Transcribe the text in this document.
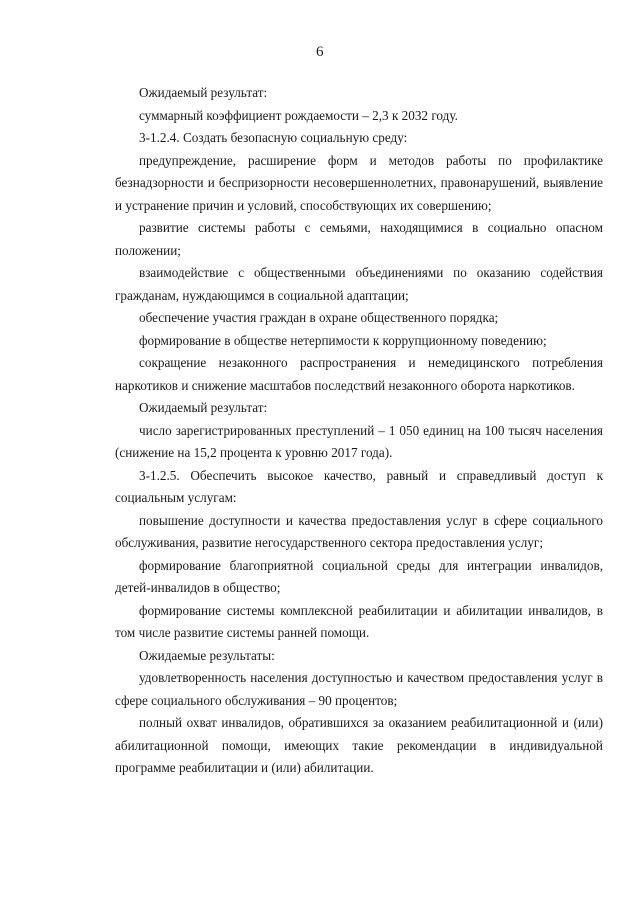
6

Ожидаемый результат:

суммарный коэффициент рождаемости – 2,3 к 2032 году.

3-1.2.4. Создать безопасную социальную среду:

предупреждение, расширение форм и методов работы по профилактике безнадзорности и беспризорности несовершеннолетних, правонарушений, выявление и устранение причин и условий, способствующих их совершению;

развитие системы работы с семьями, находящимися в социально опасном положении;

взаимодействие с общественными объединениями по оказанию содействия гражданам, нуждающимся в социальной адаптации;

обеспечение участия граждан в охране общественного порядка;

формирование в обществе нетерпимости к коррупционному поведению;

сокращение незаконного распространения и немедицинского потребления наркотиков и снижение масштабов последствий незаконного оборота наркотиков.

Ожидаемый результат:

число зарегистрированных преступлений – 1 050 единиц на 100 тысяч населения (снижение на 15,2 процента к уровню 2017 года).

3-1.2.5. Обеспечить высокое качество, равный и справедливый доступ к социальным услугам:

повышение доступности и качества предоставления услуг в сфере социального обслуживания, развитие негосударственного сектора предоставления услуг;

формирование благоприятной социальной среды для интеграции инвалидов, детей-инвалидов в общество;

формирование системы комплексной реабилитации и абилитации инвалидов, в том числе развитие системы ранней помощи.

Ожидаемые результаты:

удовлетворенность населения доступностью и качеством предоставления услуг в сфере социального обслуживания – 90 процентов;

полный охват инвалидов, обратившихся за оказанием реабилитационной и (или) абилитационной помощи, имеющих такие рекомендации в индивидуальной программе реабилитации и (или) абилитации.
